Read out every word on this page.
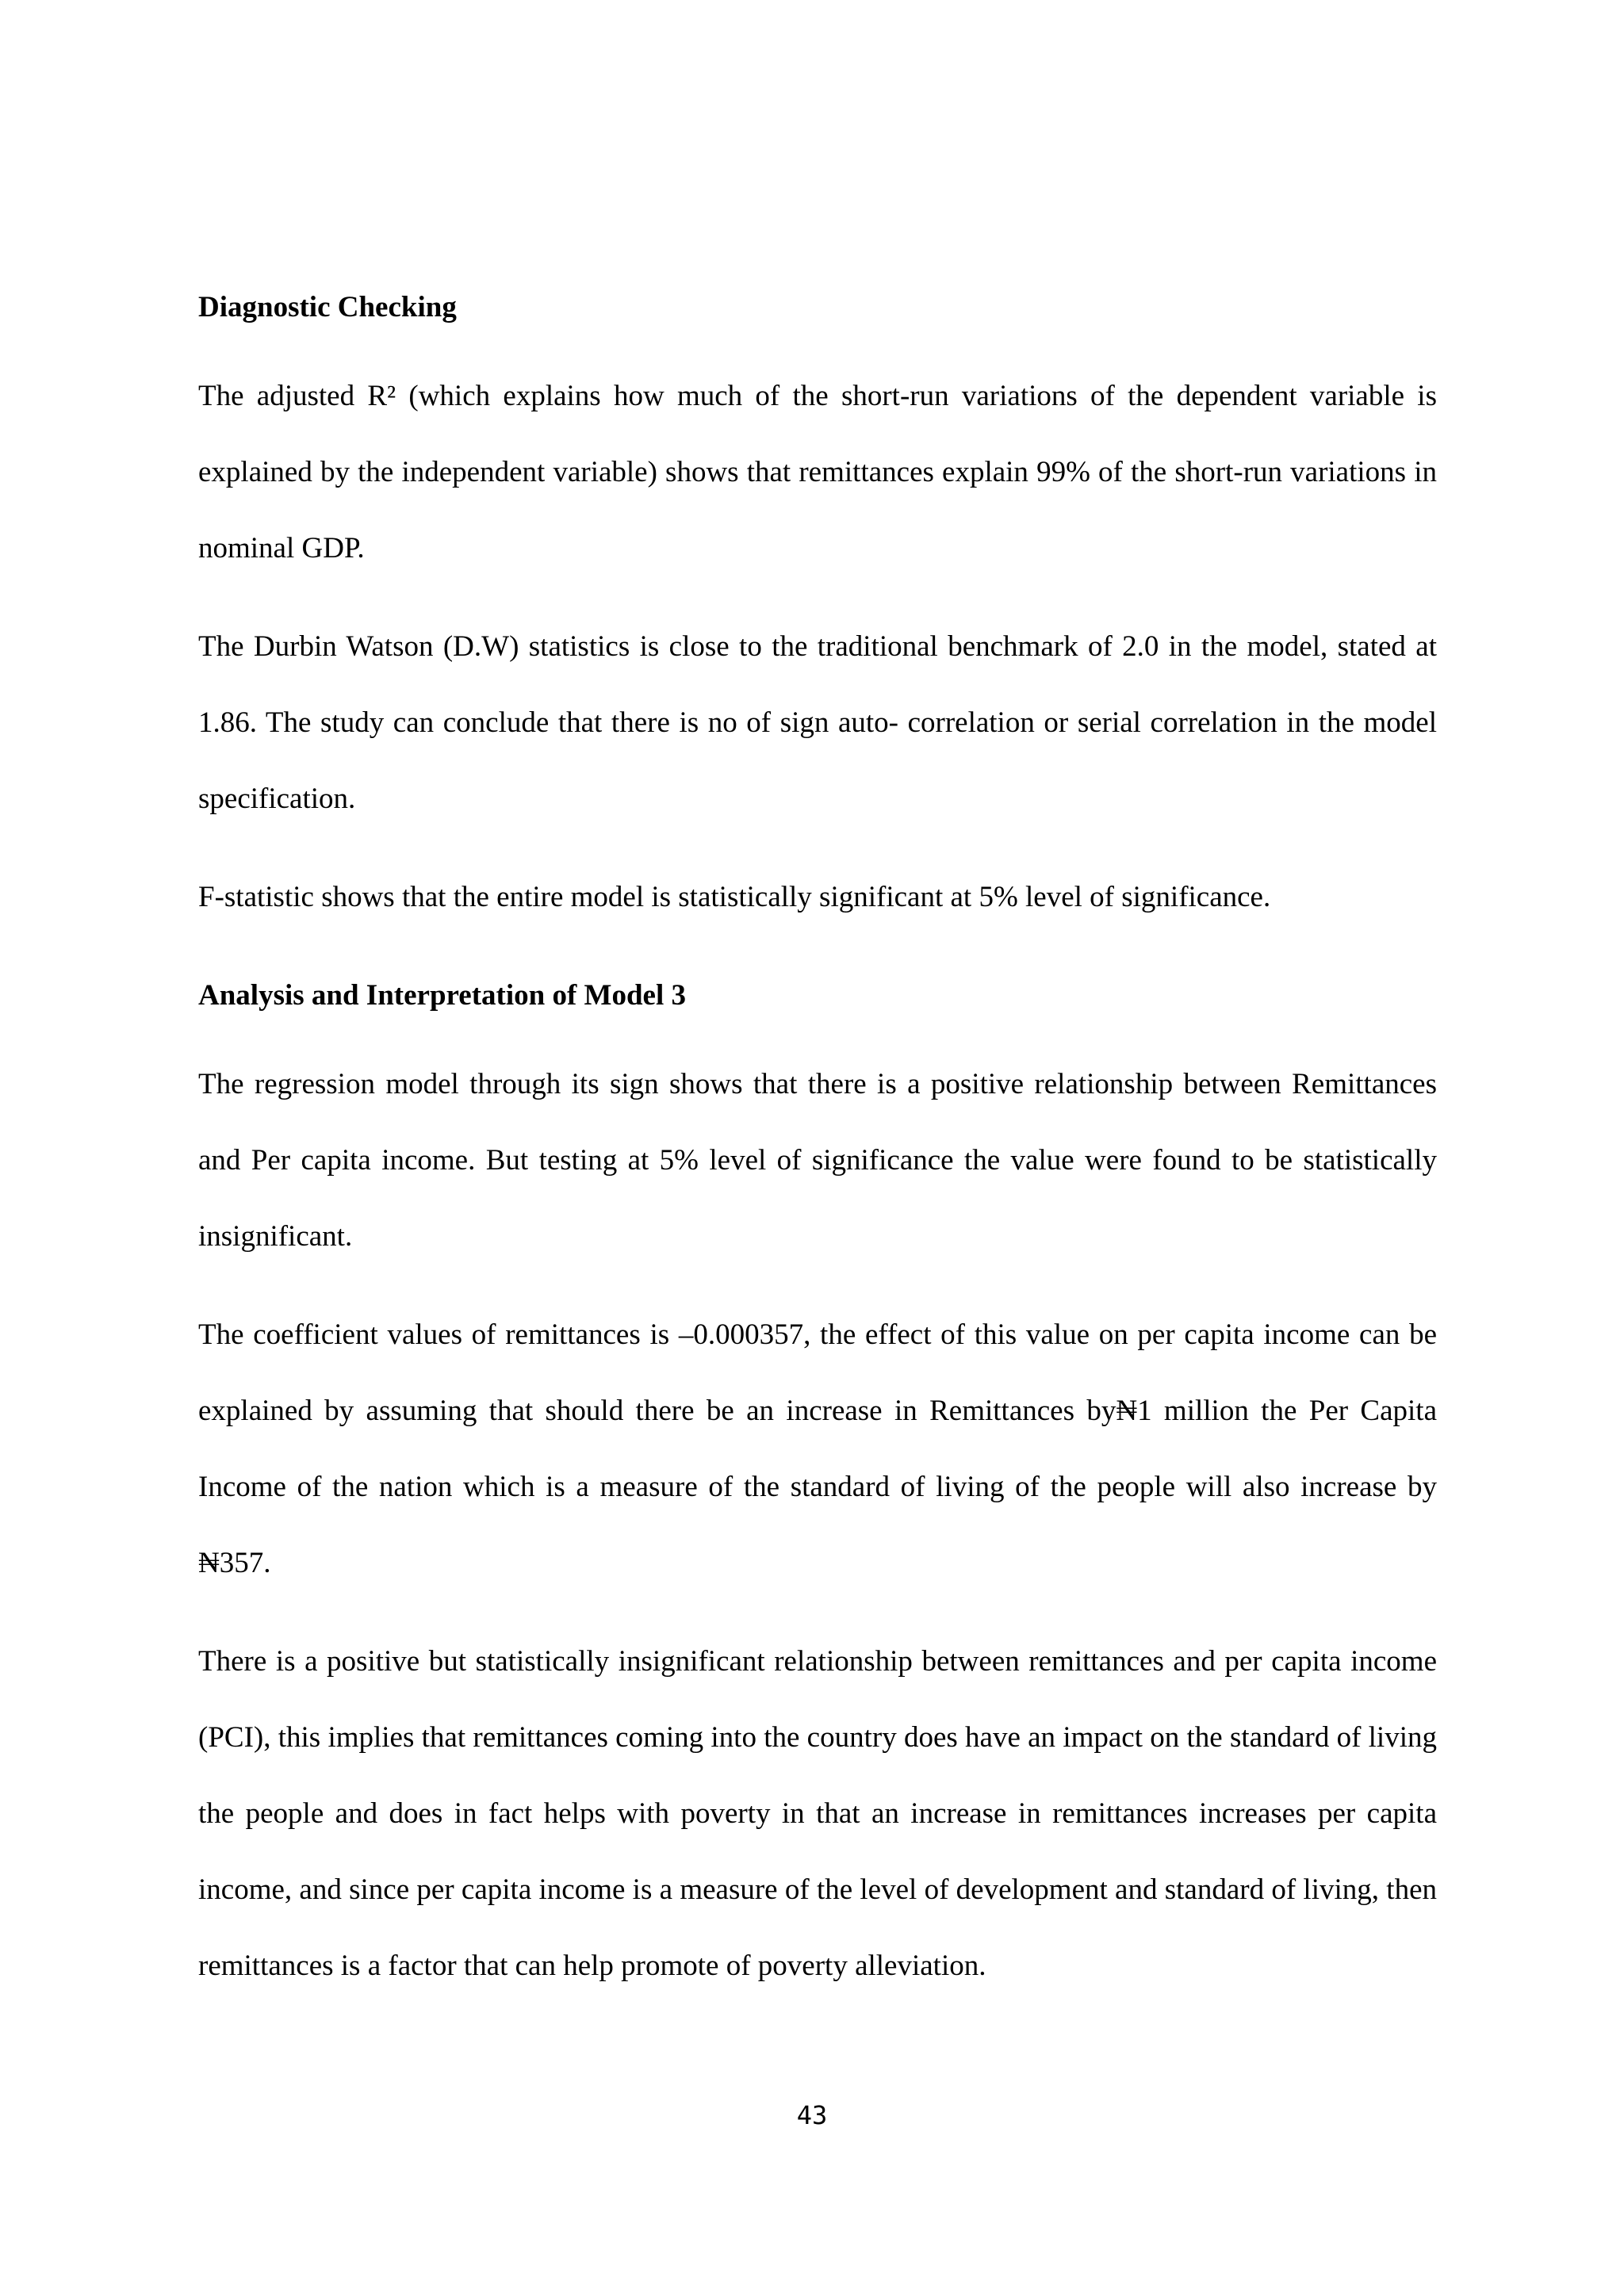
Diagnostic Checking

The adjusted R² (which explains how much of the short-run variations of the dependent variable is explained by the independent variable) shows that remittances explain 99% of the short-run variations in nominal GDP.

The Durbin Watson (D.W) statistics is close to the traditional benchmark of 2.0 in the model, stated at 1.86. The study can conclude that there is no of sign auto- correlation or serial correlation in the model specification.

F-statistic shows that the entire model is statistically significant at 5% level of significance.

Analysis and Interpretation of Model 3

The regression model through its sign shows that there is a positive relationship between Remittances and Per capita income. But testing at 5% level of significance the value were found to be statistically insignificant.

The coefficient values of remittances is –0.000357, the effect of this value on per capita income can be explained by assuming that should there be an increase in Remittances by₦1 million the Per Capita Income of the nation which is a measure of the standard of living of the people will also increase by ₦357.

There is a positive but statistically insignificant relationship between remittances and per capita income (PCI), this implies that remittances coming into the country does have an impact on the standard of living the people and does in fact helps with poverty in that an increase in remittances increases per capita income, and since per capita income is a measure of the level of development and standard of living, then remittances is a factor that can help promote of poverty alleviation.

43
